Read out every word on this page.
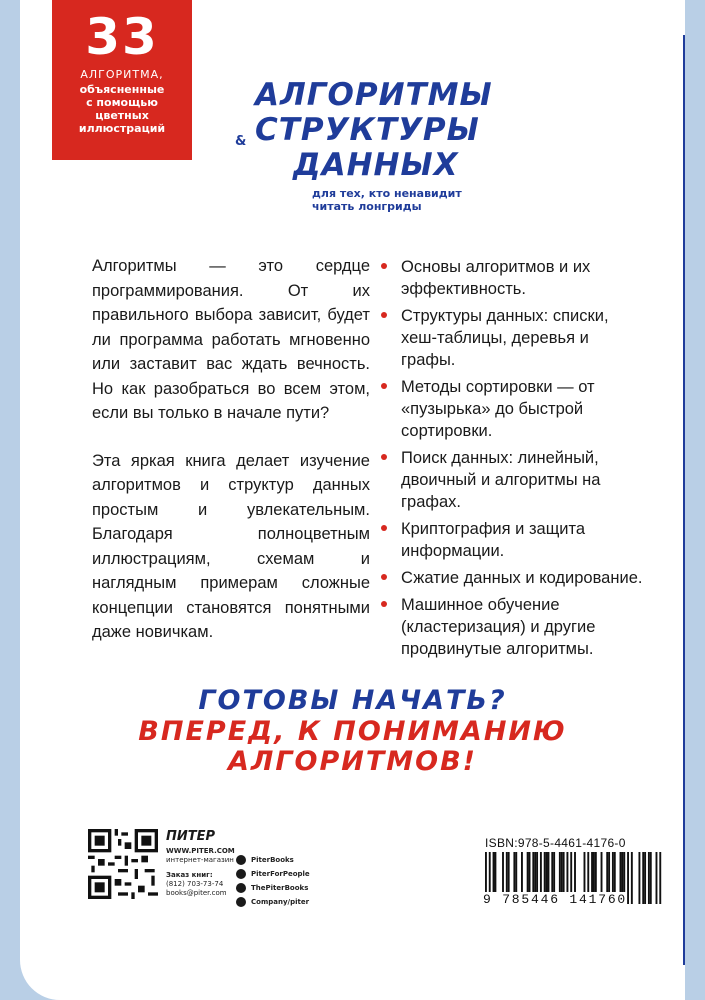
33
АЛГОРИТМА,
объясненные
с помощью
цветных
иллюстраций
АЛГОРИТМЫ
& СТРУКТУРЫ
ДАННЫХ
для тех, кто ненавидит
читать лонгриды

Алгоритмы — это сердце программирования. От их правильного выбора зависит, будет ли программа работать мгновенно или заставит вас ждать вечность. Но как разобраться во всем этом, если вы только в начале пути?

Эта яркая книга делает изучение алгоритмов и структур данных простым и увлекательным. Благодаря полноцветным иллюстрациям, схемам и наглядным примерам сложные концепции становятся понятными даже новичкам.

Основы алгоритмов и их эффективность.
Структуры данных: списки, хеш-таблицы, деревья и графы.
Методы сортировки — от «пузырька» до быстрой сортировки.
Поиск данных: линейный, двоичный и алгоритмы на графах.
Криптография и защита информации.
Сжатие данных и кодирование.
Машинное обучение (кластеризация) и другие продвинутые алгоритмы.
ГОТОВЫ НАЧАТЬ?
ВПЕРЕД, К ПОНИМАНИЮ
АЛГОРИТМОВ!
ПИТЕР
WWW.PITER.COM
интернет-магазин
Заказ книг:
(812) 703-73-74
books@piter.com
PiterBooks
PiterForPeople
ThePiterBooks
Company/piter
ISBN:978-5-4461-4176-0
9 785446 141760
